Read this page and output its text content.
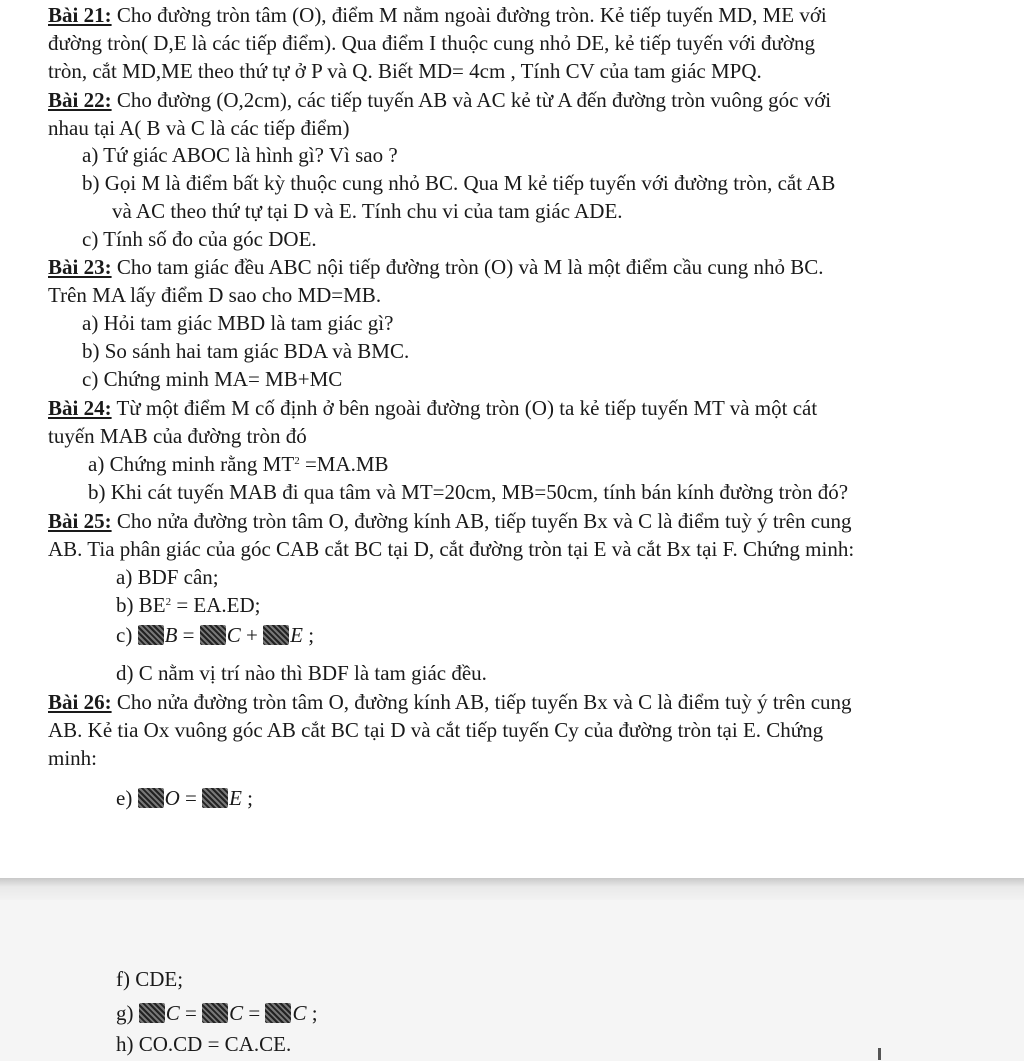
Bài 21: Cho đường tròn tâm (O), điểm M nằm ngoài đường tròn. Kẻ tiếp tuyến MD, ME với
đường tròn( D,E là các tiếp điểm). Qua điểm I thuộc cung nhỏ DE, kẻ tiếp tuyến với đường
tròn, cắt MD,ME theo thứ tự ở P và Q. Biết MD= 4cm , Tính CV của tam giác MPQ.
Bài 22: Cho đường (O,2cm), các tiếp tuyến AB và AC kẻ từ A đến đường tròn vuông góc với
nhau tại A( B và C là các tiếp điểm)
a) Tứ giác ABOC là hình gì? Vì sao ?
b) Gọi M là điểm bất kỳ thuộc cung nhỏ BC. Qua M kẻ tiếp tuyến với đường tròn, cắt AB
và AC theo thứ tự tại D và E. Tính chu vi của tam giác ADE.
c) Tính số đo của góc DOE.
Bài 23: Cho tam giác đều ABC nội tiếp đường tròn (O) và M là một điểm cầu cung nhỏ BC.
Trên MA lấy điểm D sao cho MD=MB.
a) Hỏi tam giác MBD là tam giác gì?
b) So sánh hai tam giác BDA và BMC.
c) Chứng minh MA= MB+MC
Bài 24: Từ một điểm M cố định ở bên ngoài đường tròn (O) ta kẻ tiếp tuyến MT và một cát
tuyến MAB của đường tròn đó
a) Chứng minh rằng $MT^2 =MA.MB$
b) Khi cát tuyến MAB đi qua tâm và MT=20cm, MB=50cm, tính bán kính đường tròn đó?
Bài 25: Cho nửa đường tròn tâm O, đường kính AB, tiếp tuyến Bx và C là điểm tuỳ ý trên cung
AB. Tia phân giác của góc CAB cắt BC tại D, cắt đường tròn tại E và cắt Bx tại F. Chứng minh:
a) BDF cân;
b) $BE^2 = EA.ED$;
c) B = C + E ;
d) C nằm vị trí nào thì BDF là tam giác đều.
Bài 26: Cho nửa đường tròn tâm O, đường kính AB, tiếp tuyến Bx và C là điểm tuỳ ý trên cung
AB. Kẻ tia Ox vuông góc AB cắt BC tại D và cắt tiếp tuyến Cy của đường tròn tại E. Chứng
minh:
e) O = E ;
f) CDE;
g) C = C = C ;
h) CO.CD = CA.CE.
